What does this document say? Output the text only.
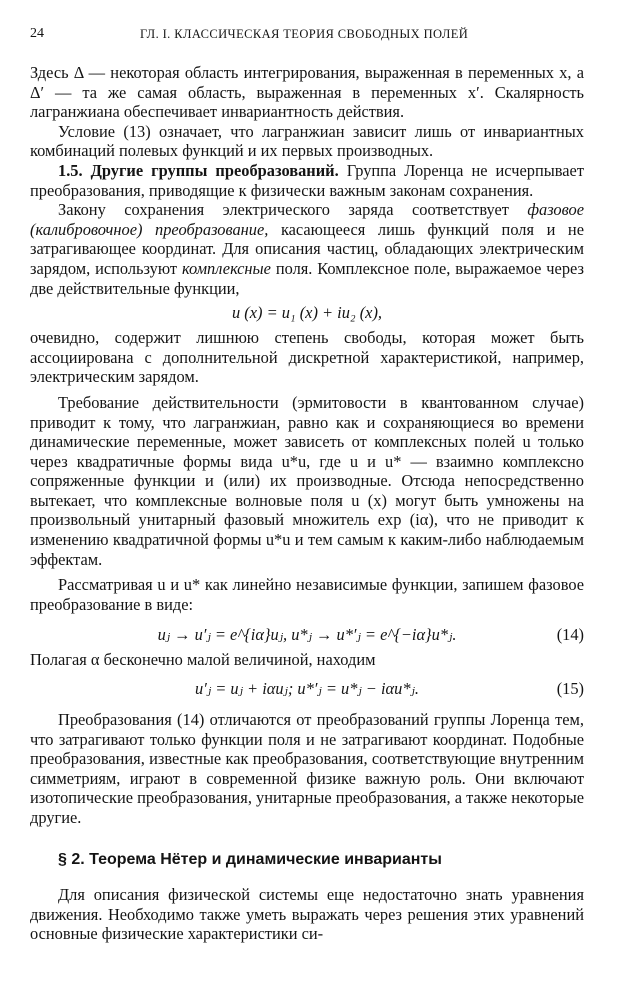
24	ГЛ. I. КЛАССИЧЕСКАЯ ТЕОРИЯ СВОБОДНЫХ ПОЛЕЙ

Здесь Δ — некоторая область интегрирования, выраженная в переменных x, а Δ′ — та же самая область, выраженная в переменных x′. Скалярность лагранжиана обеспечивает инвариантность действия.

Условие (13) означает, что лагранжиан зависит лишь от инвариантных комбинаций полевых функций и их первых производных.

1.5. Другие группы преобразований. Группа Лоренца не исчерпывает преобразования, приводящие к физически важным законам сохранения.

Закону сохранения электрического заряда соответствует фазовое (калибровочное) преобразование, касающееся лишь функций поля и не затрагивающее координат. Для описания частиц, обладающих электрическим зарядом, используют комплексные поля. Комплексное поле, выражаемое через две действительные функции,

u (x) = u₁ (x) + iu₂ (x),

очевидно, содержит лишнюю степень свободы, которая может быть ассоциирована с дополнительной дискретной характеристикой, например, электрическим зарядом.

Требование действительности (эрмитовости в квантованном случае) приводит к тому, что лагранжиан, равно как и сохраняющиеся во времени динамические переменные, может зависеть от комплексных полей u только через квадратичные формы вида u*u, где u и u* — взаимно комплексно сопряженные функции и (или) их производные. Отсюда непосредственно вытекает, что комплексные волновые поля u (x) могут быть умножены на произвольный унитарный фазовый множитель exp (iα), что не приводит к изменению квадратичной формы u*u и тем самым к каким-либо наблюдаемым эффектам.

Рассматривая u и u* как линейно независимые функции, запишем фазовое преобразование в виде:

uⱼ → u′ⱼ = e^{iα}uⱼ, u*ⱼ → u*′ⱼ = e^{−iα}u*ⱼ.	(14)

Полагая α бесконечно малой величиной, находим

u′ⱼ = uⱼ + iαuⱼ; u*′ⱼ = u*ⱼ − iαu*ⱼ.	(15)

Преобразования (14) отличаются от преобразований группы Лоренца тем, что затрагивают только функции поля и не затрагивают координат. Подобные преобразования, известные как преобразования, соответствующие внутренним симметриям, играют в современной физике важную роль. Они включают изотопические преобразования, унитарные преобразования, а также некоторые другие.

§ 2. Теорема Нётер и динамические инварианты

Для описания физической системы еще недостаточно знать уравнения движения. Необходимо также уметь выражать через решения этих уравнений основные физические характеристики си-
